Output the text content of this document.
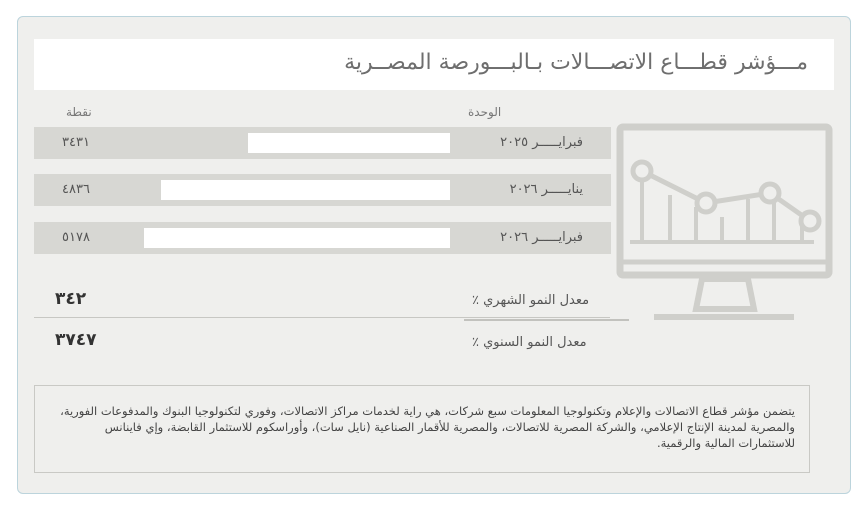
مـــؤشر قطـــاع الاتصـــالات بـالبـــورصة المصــرية
نقطة	الوحدة
٣٤٣١	فبرايـــــر ٢٠٢٥
٤٨٣٦	ينايـــــر ٢٠٢٦
٥١٧٨	فبرايـــــر ٢٠٢٦
٣٤٢	معدل النمو الشهري ٪
٣٧٤٧	معدل النمو السنوي ٪

يتضمن مؤشر قطاع الاتصالات والإعلام وتكنولوجيا المعلومات سبع شركات، هي راية لخدمات مراكز الاتصالات، وفوري لتكنولوجيا البنوك والمدفوعات الفورية، والمصرية لمدينة الإنتاج الإعلامي، والشركة المصرية للاتصالات، والمصرية للأقمار الصناعية (نايل سات)، وأوراسكوم للاستثمار القابضة، وإي فاينانس للاستثمارات المالية والرقمية.
